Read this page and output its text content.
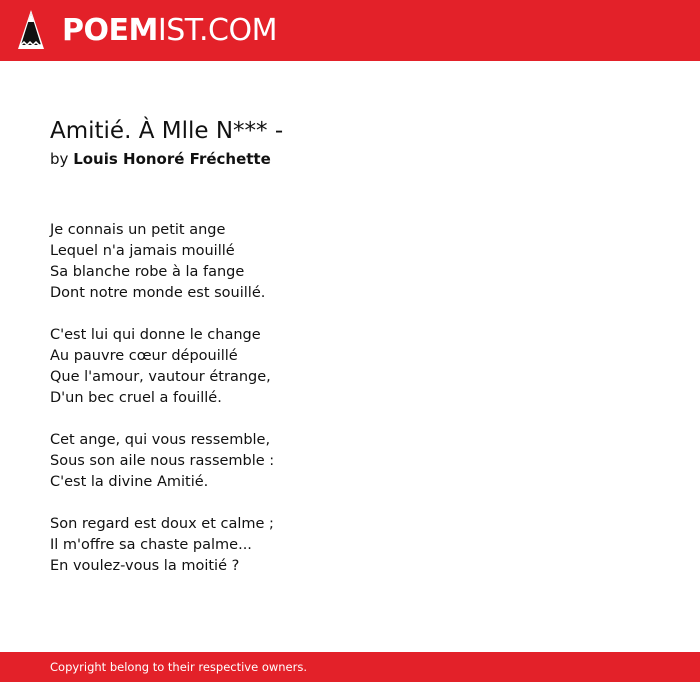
POEMIST.COM
Amitié. À Mlle N*** -
by Louis Honoré Fréchette
Je connais un petit ange
Lequel n'a jamais mouillé
Sa blanche robe à la fange
Dont notre monde est souillé.
C'est lui qui donne le change
Au pauvre cœur dépouillé
Que l'amour, vautour étrange,
D'un bec cruel a fouillé.
Cet ange, qui vous ressemble,
Sous son aile nous rassemble :
C'est la divine Amitié.
Son regard est doux et calme ;
Il m'offre sa chaste palme...
En voulez-vous la moitié ?
Copyright belong to their respective owners.
